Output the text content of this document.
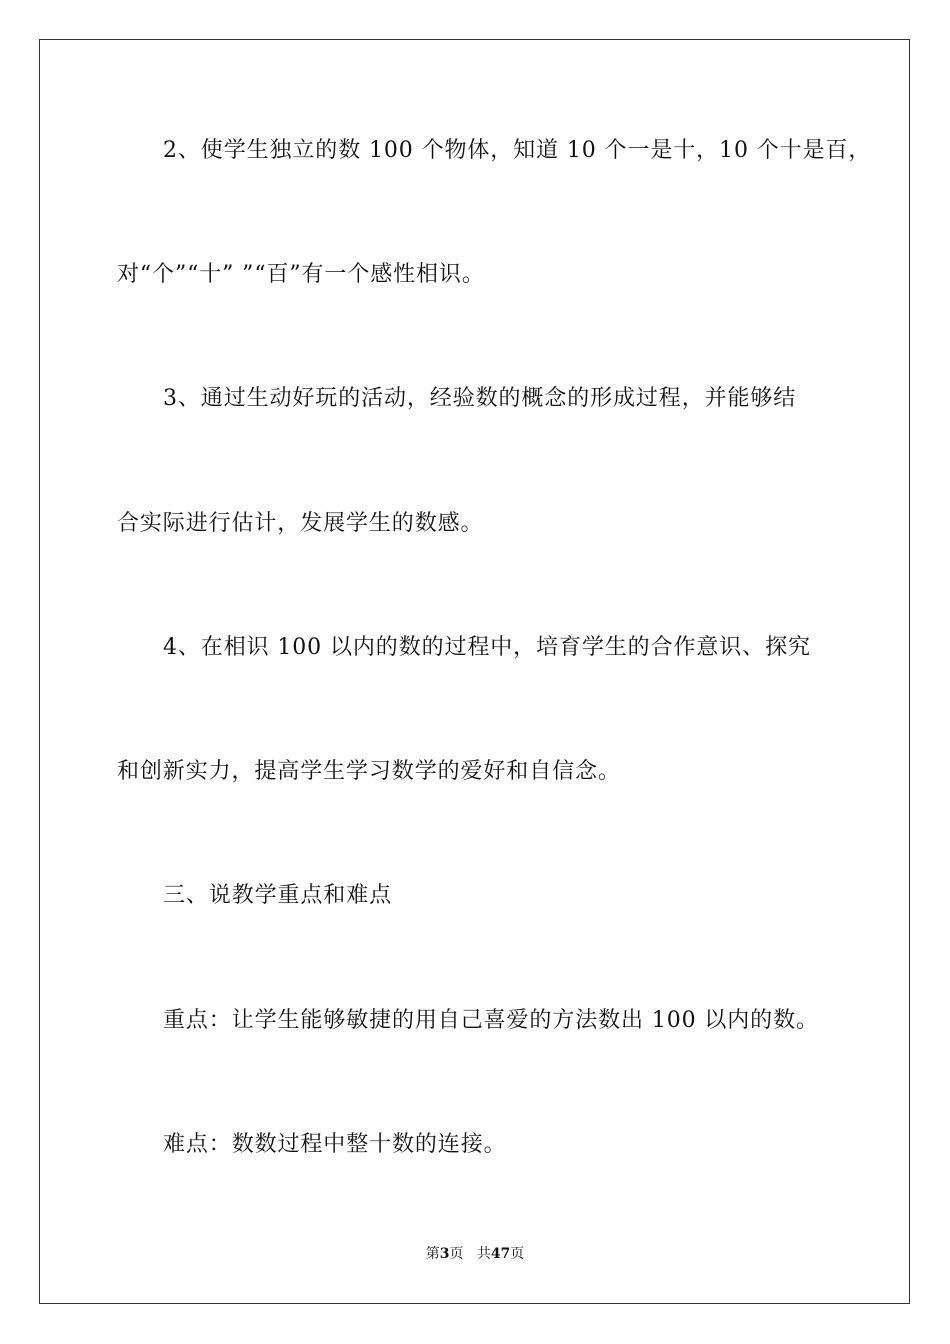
2、使学生独立的数 100 个物体，知道 10 个一是十，10 个十是百，
对“个”“十” ”“百”有一个感性相识。
3、通过生动好玩的活动，经验数的概念的形成过程，并能够结
合实际进行估计，发展学生的数感。
4、在相识 100 以内的数的过程中，培育学生的合作意识、探究
和创新实力，提高学生学习数学的爱好和自信念。
三、说教学重点和难点
重点：让学生能够敏捷的用自己喜爱的方法数出 100 以内的数。
难点：数数过程中整十数的连接。
第3页 共47页
